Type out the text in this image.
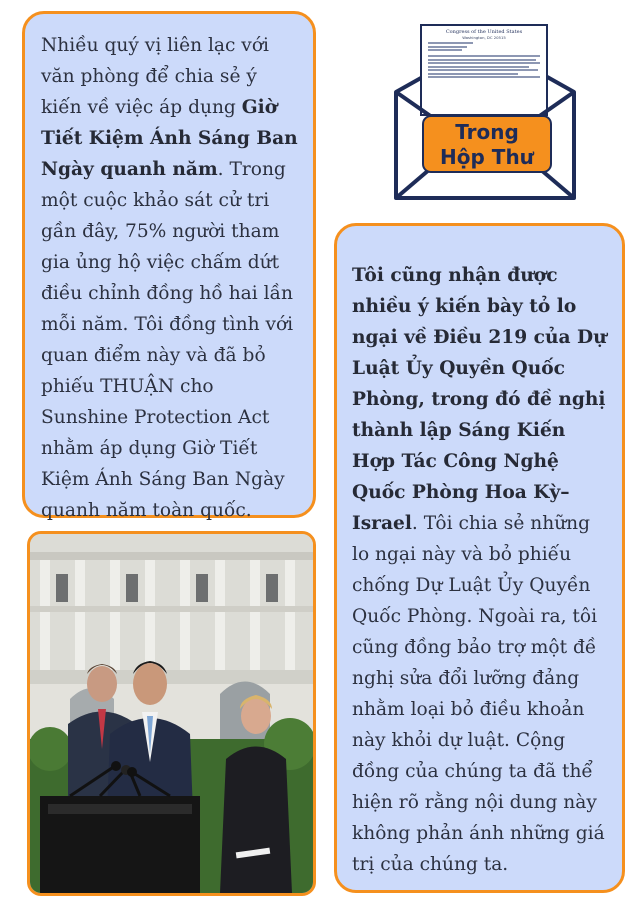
Nhiều quý vị liên lạc với văn phòng để chia sẻ ý kiến về việc áp dụng Giờ Tiết Kiệm Ánh Sáng Ban Ngày quanh năm. Trong một cuộc khảo sát cử tri gần đây, 75% người tham gia ủng hộ việc chấm dứt điều chỉnh đồng hồ hai lần mỗi năm. Tôi đồng tình với quan điểm này và đã bỏ phiếu THUẬN cho Sunshine Protection Act nhằm áp dụng Giờ Tiết Kiệm Ánh Sáng Ban Ngày quanh năm toàn quốc.
Congress of the United States
Washington, DC 20515
Trong
Hộp Thư
Tôi cũng nhận được nhiều ý kiến bày tỏ lo ngại về Điều 219 của Dự Luật Ủy Quyền Quốc Phòng, trong đó đề nghị thành lập Sáng Kiến Hợp Tác Công Nghệ Quốc Phòng Hoa Kỳ–Israel. Tôi chia sẻ những lo ngại này và bỏ phiếu chống Dự Luật Ủy Quyền Quốc Phòng. Ngoài ra, tôi cũng đồng bảo trợ một đề nghị sửa đổi lưỡng đảng nhằm loại bỏ điều khoản này khỏi dự luật. Cộng đồng của chúng ta đã thể hiện rõ rằng nội dung này không phản ánh những giá trị của chúng ta.
